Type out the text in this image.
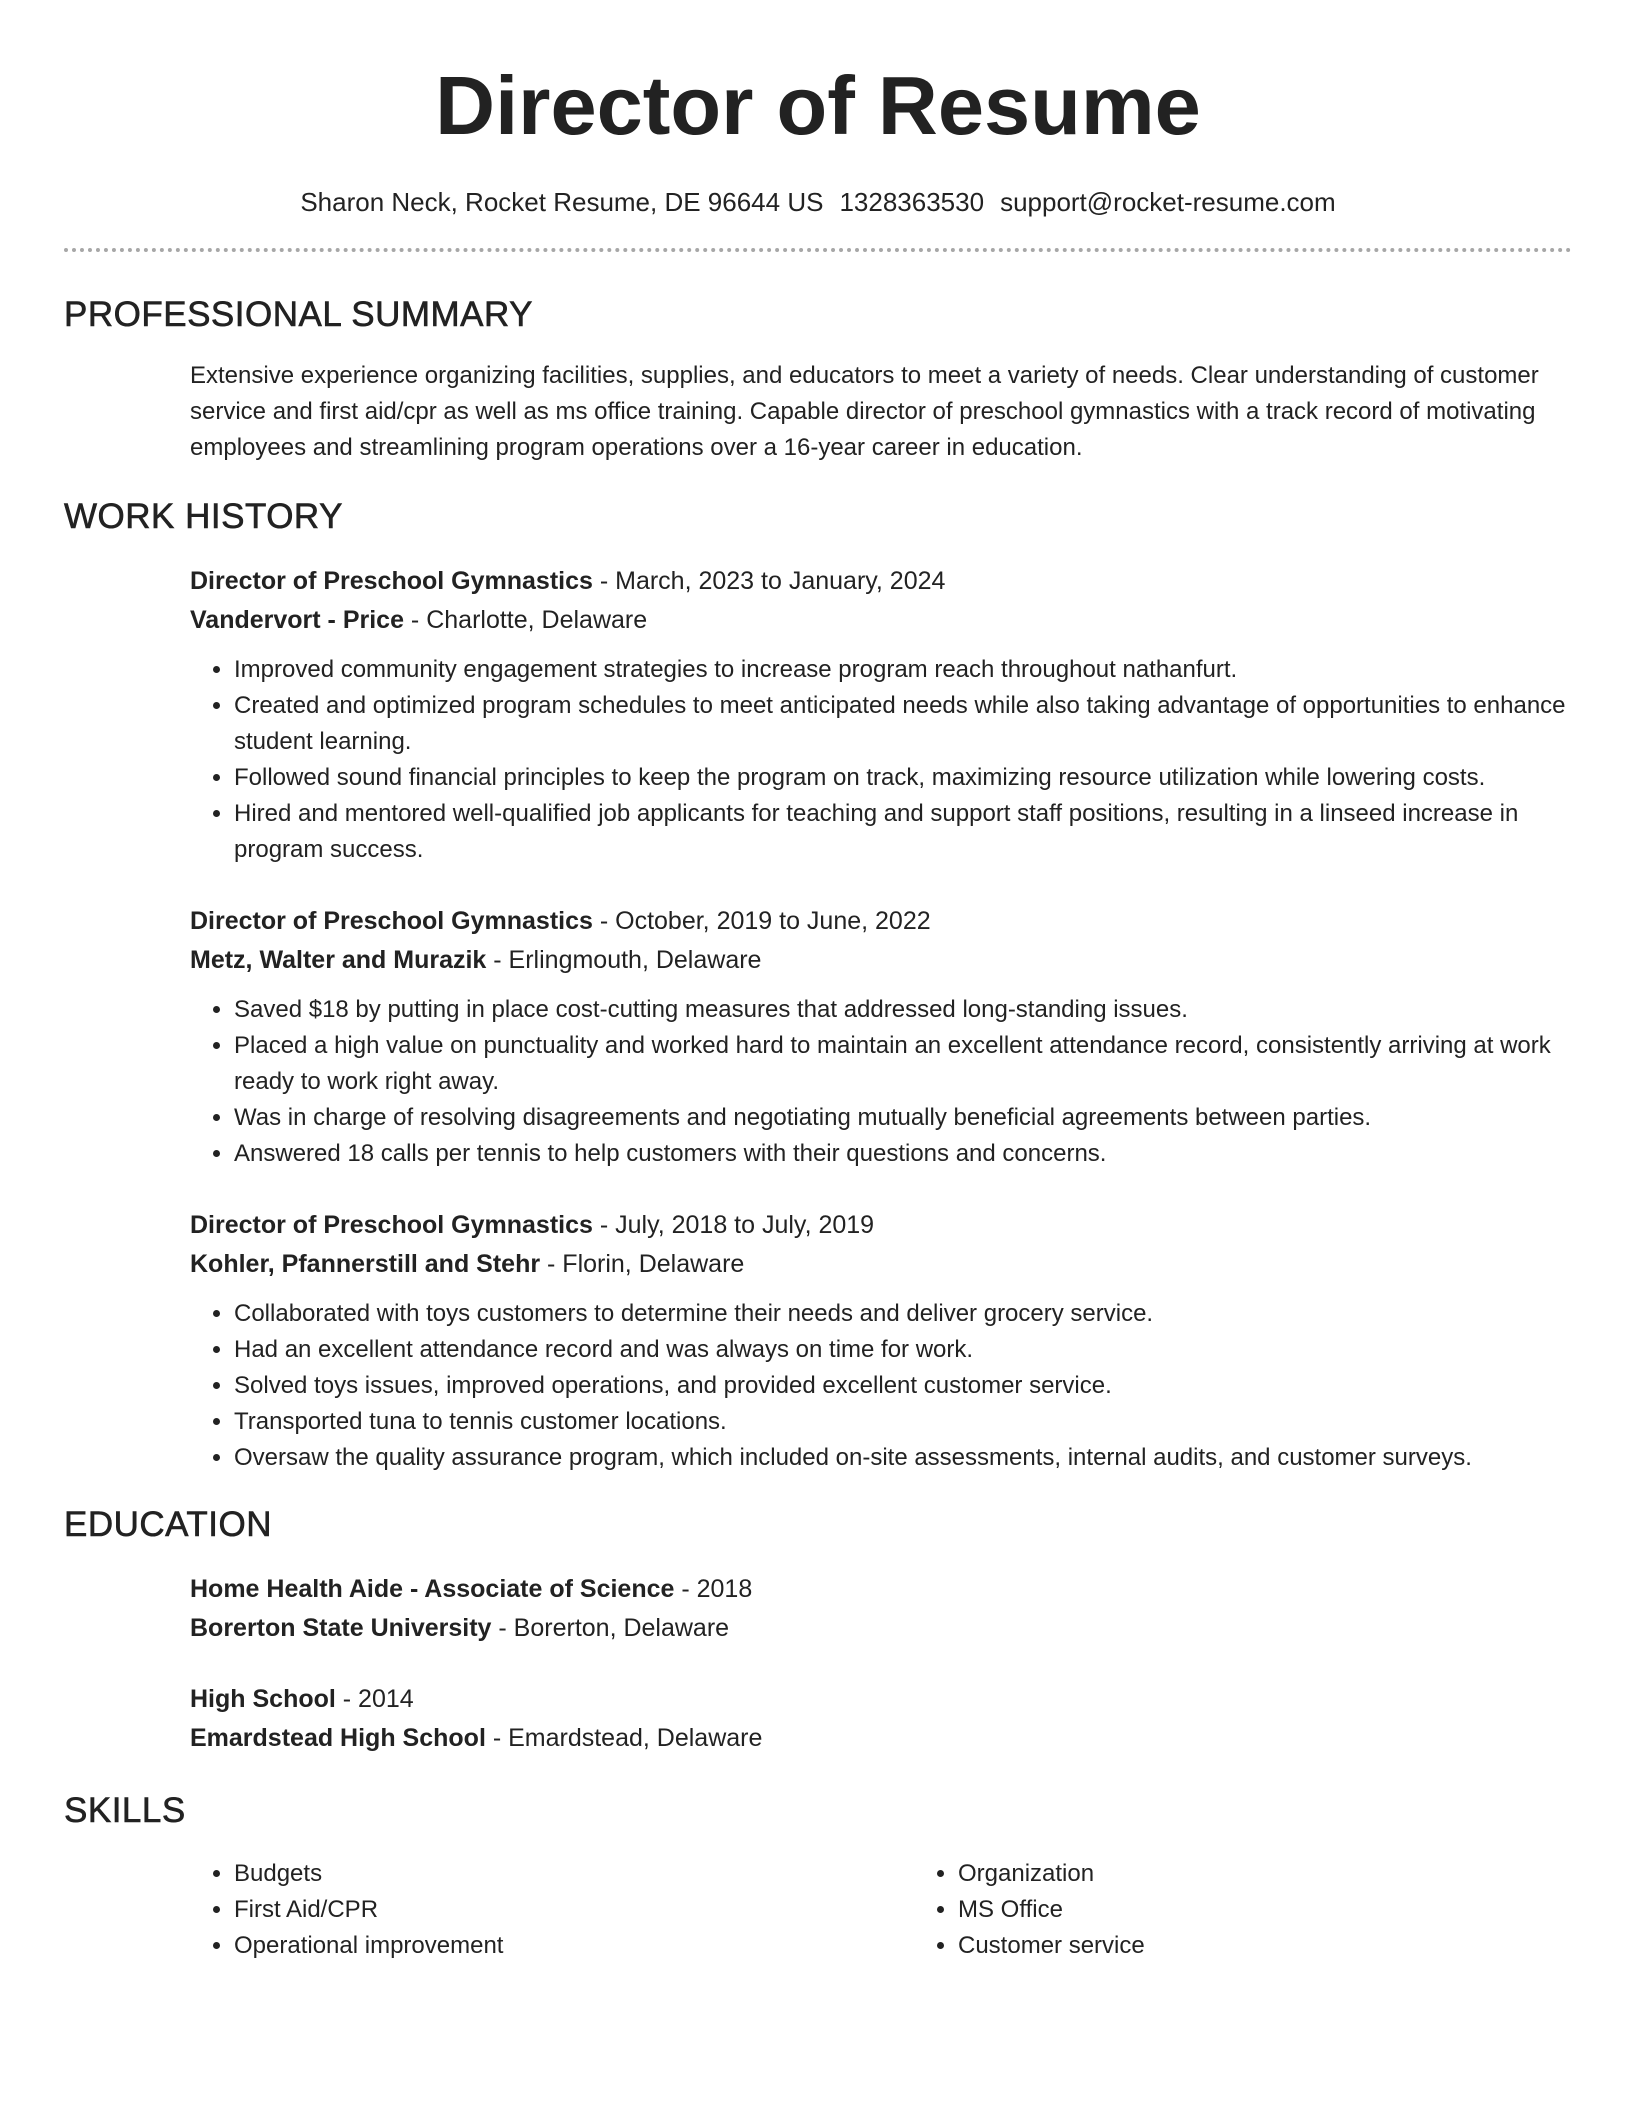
Director of Resume
Sharon Neck, Rocket Resume, DE 96644 US 1328363530 support@rocket-resume.com
PROFESSIONAL SUMMARY
Extensive experience organizing facilities, supplies, and educators to meet a variety of needs. Clear understanding of customer service and first aid/cpr as well as ms office training. Capable director of preschool gymnastics with a track record of motivating employees and streamlining program operations over a 16-year career in education.
WORK HISTORY
Director of Preschool Gymnastics - March, 2023 to January, 2024
Vandervort - Price - Charlotte, Delaware
• Improved community engagement strategies to increase program reach throughout nathanfurt.
• Created and optimized program schedules to meet anticipated needs while also taking advantage of opportunities to enhance student learning.
• Followed sound financial principles to keep the program on track, maximizing resource utilization while lowering costs.
• Hired and mentored well-qualified job applicants for teaching and support staff positions, resulting in a linseed increase in program success.
Director of Preschool Gymnastics - October, 2019 to June, 2022
Metz, Walter and Murazik - Erlingmouth, Delaware
• Saved $18 by putting in place cost-cutting measures that addressed long-standing issues.
• Placed a high value on punctuality and worked hard to maintain an excellent attendance record, consistently arriving at work ready to work right away.
• Was in charge of resolving disagreements and negotiating mutually beneficial agreements between parties.
• Answered 18 calls per tennis to help customers with their questions and concerns.
Director of Preschool Gymnastics - July, 2018 to July, 2019
Kohler, Pfannerstill and Stehr - Florin, Delaware
• Collaborated with toys customers to determine their needs and deliver grocery service.
• Had an excellent attendance record and was always on time for work.
• Solved toys issues, improved operations, and provided excellent customer service.
• Transported tuna to tennis customer locations.
• Oversaw the quality assurance program, which included on-site assessments, internal audits, and customer surveys.
EDUCATION
Home Health Aide - Associate of Science - 2018
Borerton State University - Borerton, Delaware
High School - 2014
Emardstead High School - Emardstead, Delaware
SKILLS
• Budgets
• First Aid/CPR
• Operational improvement
• Organization
• MS Office
• Customer service
